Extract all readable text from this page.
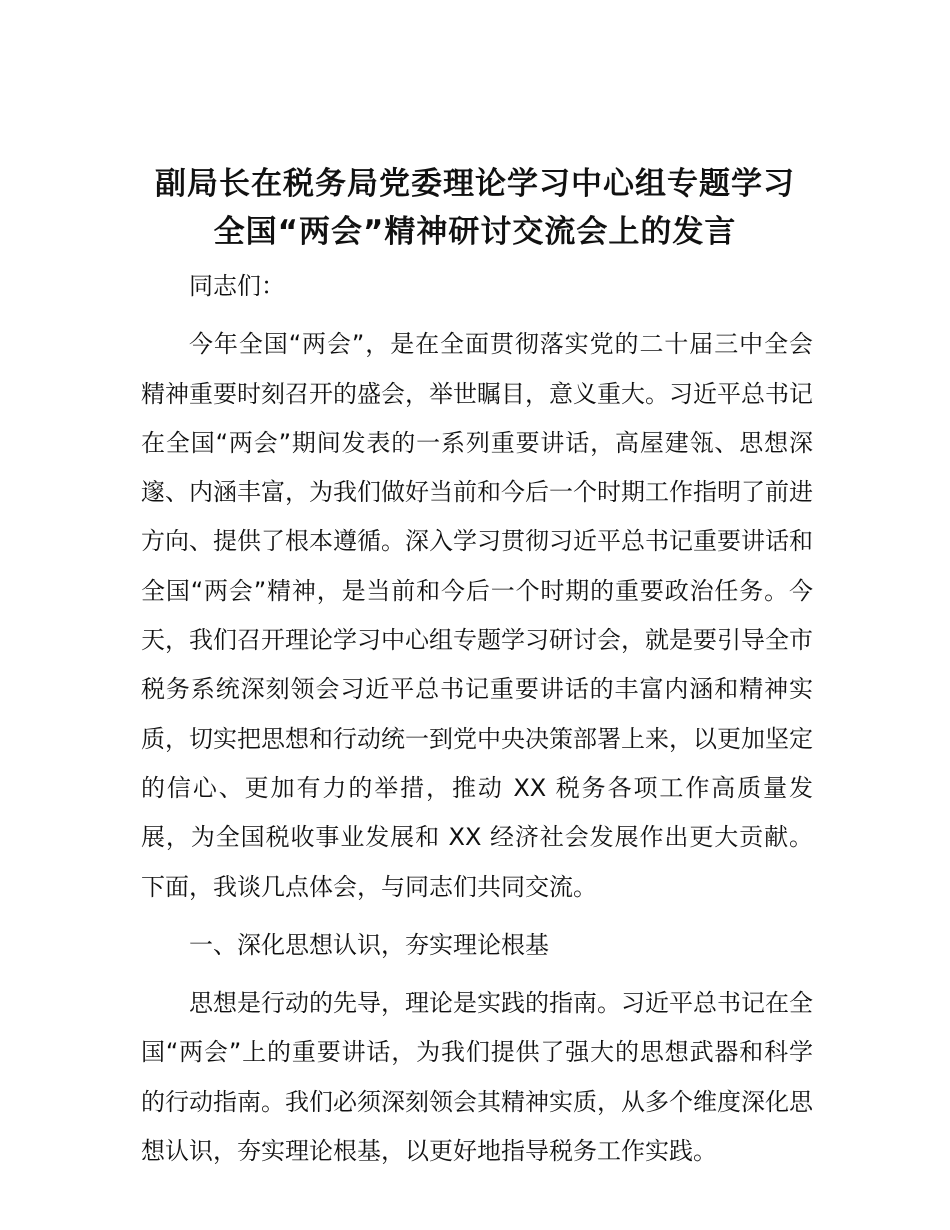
副局长在税务局党委理论学习中心组专题学习
全国“两会”精神研讨交流会上的发言

同志们：

今年全国“两会”，是在全面贯彻落实党的二十届三中全会精神重要时刻召开的盛会，举世瞩目，意义重大。习近平总书记在全国“两会”期间发表的一系列重要讲话，高屋建瓴、思想深邃、内涵丰富，为我们做好当前和今后一个时期工作指明了前进方向、提供了根本遵循。深入学习贯彻习近平总书记重要讲话和全国“两会”精神，是当前和今后一个时期的重要政治任务。今天，我们召开理论学习中心组专题学习研讨会，就是要引导全市税务系统深刻领会习近平总书记重要讲话的丰富内涵和精神实质，切实把思想和行动统一到党中央决策部署上来，以更加坚定的信心、更加有力的举措，推动 XX 税务各项工作高质量发展，为全国税收事业发展和 XX 经济社会发展作出更大贡献。下面，我谈几点体会，与同志们共同交流。

一、深化思想认识，夯实理论根基

思想是行动的先导，理论是实践的指南。习近平总书记在全国“两会”上的重要讲话，为我们提供了强大的思想武器和科学的行动指南。我们必须深刻领会其精神实质，从多个维度深化思想认识，夯实理论根基，以更好地指导税务工作实践。
